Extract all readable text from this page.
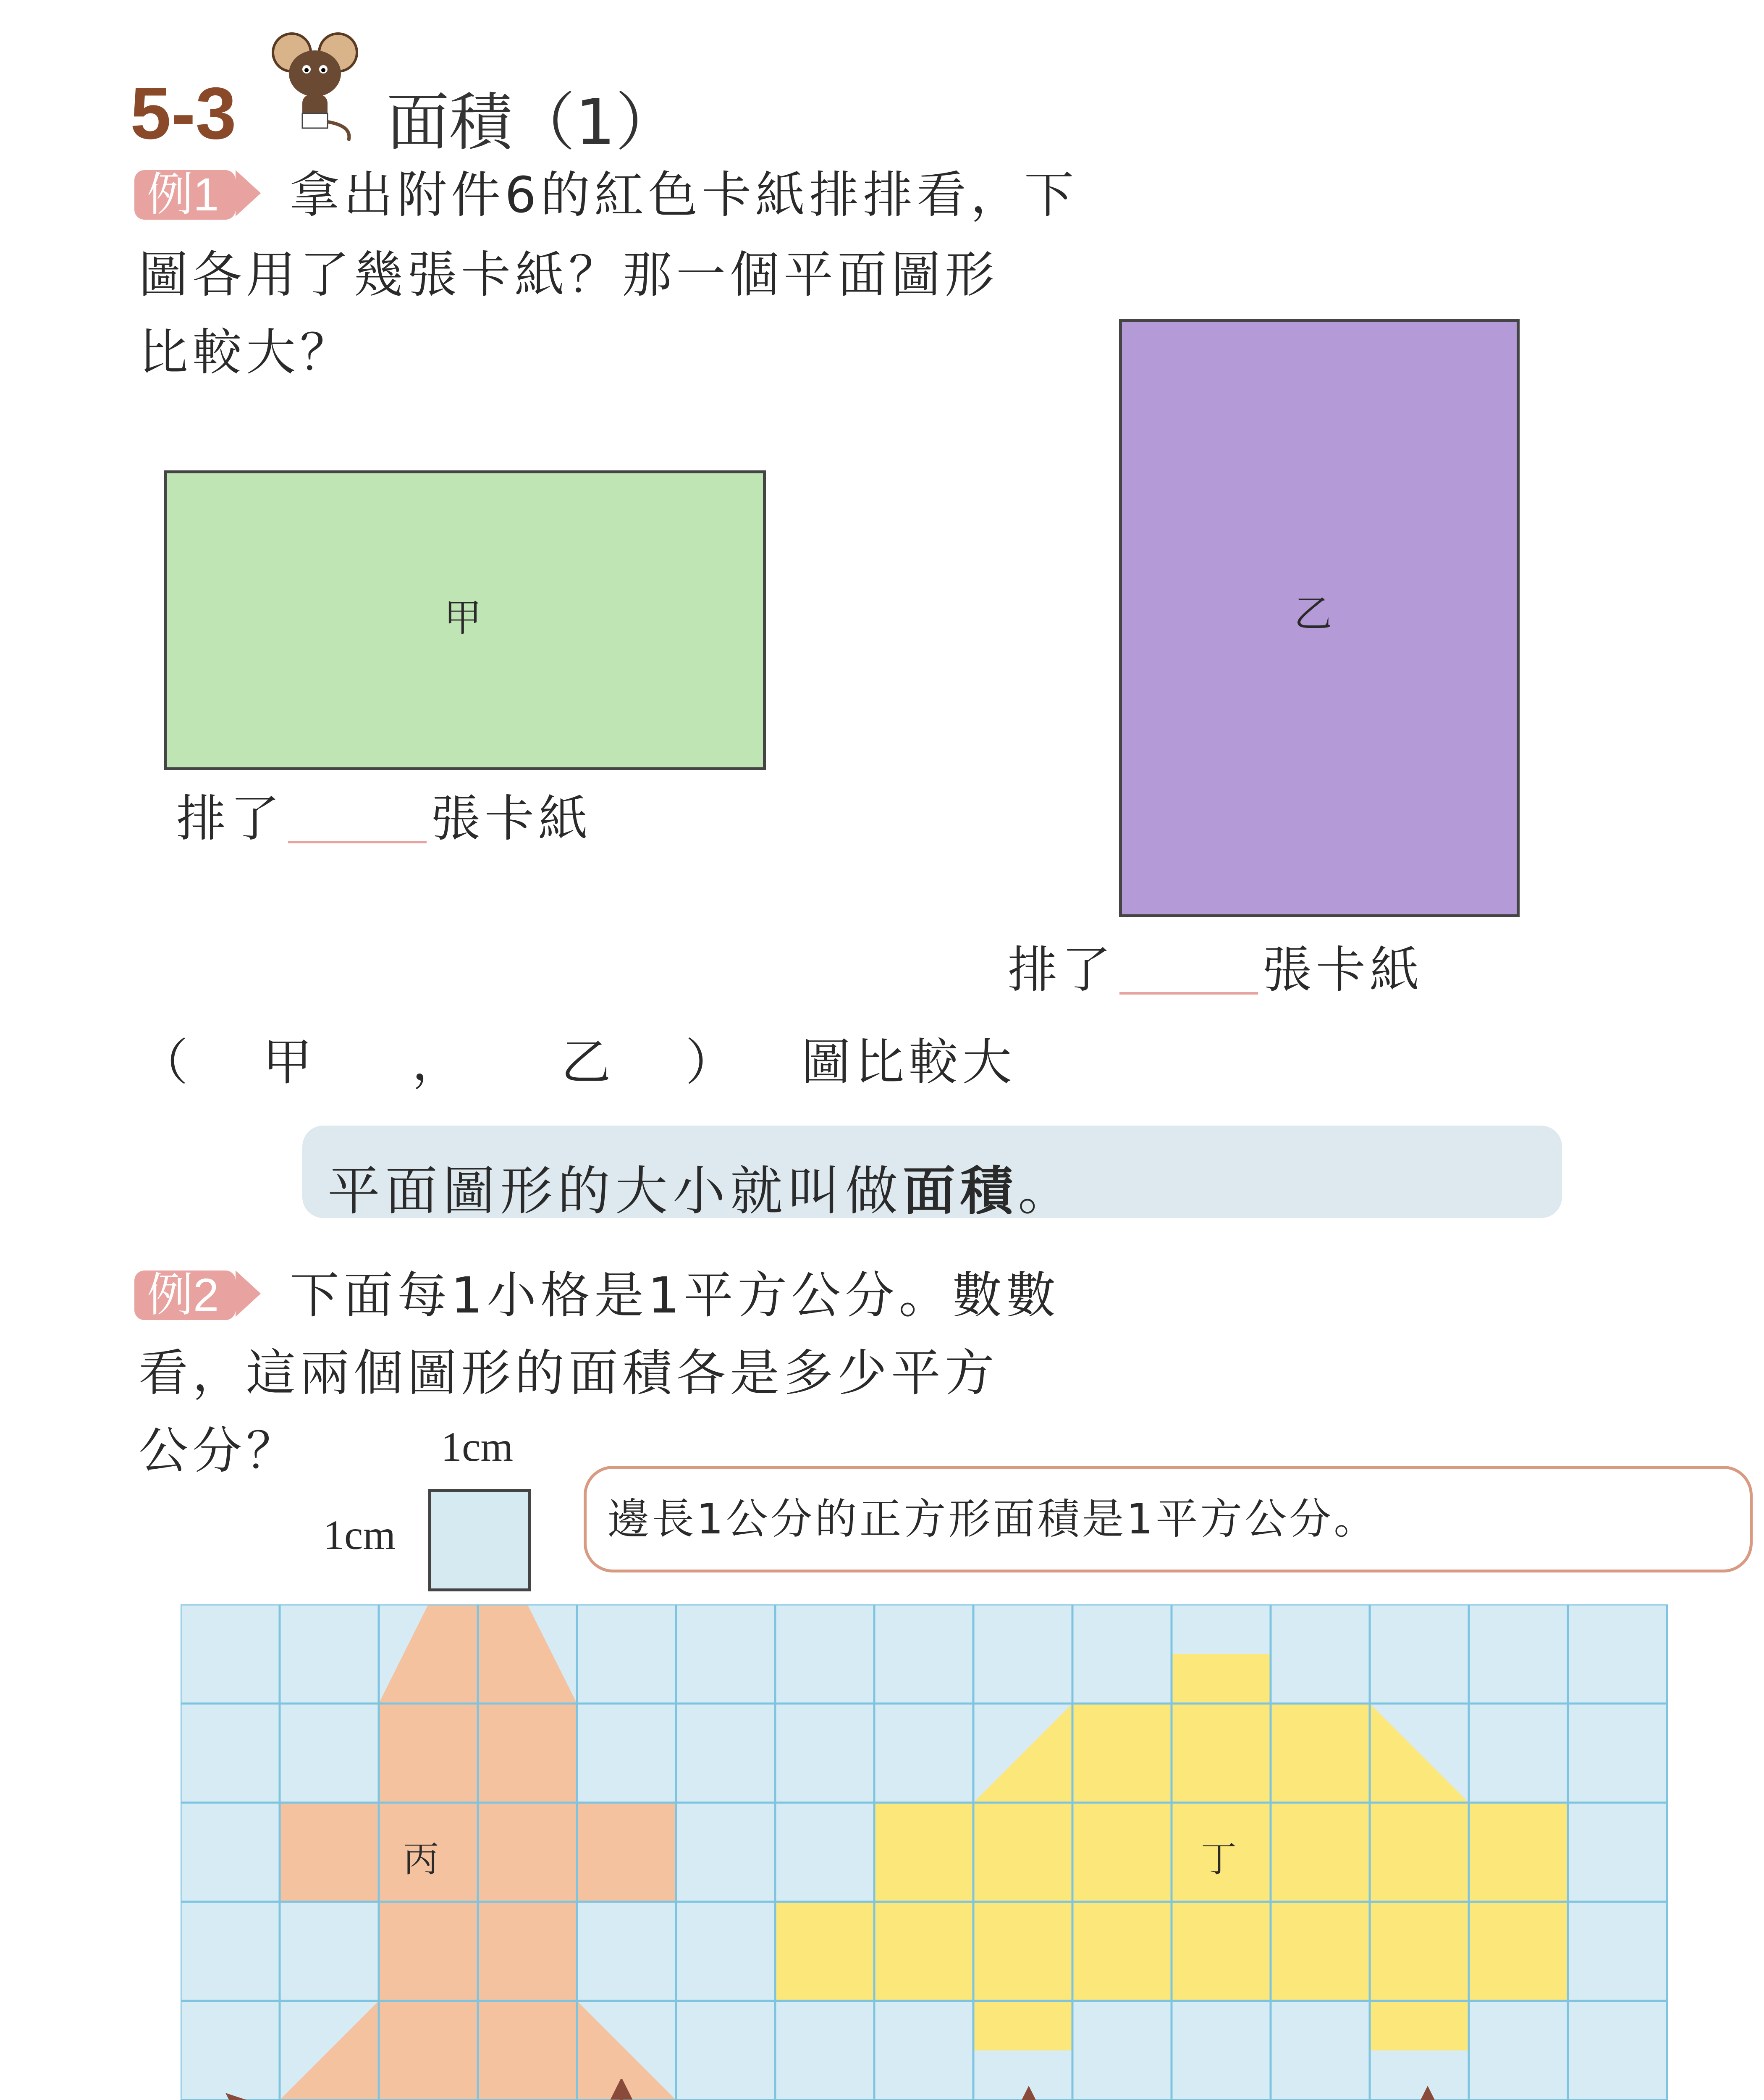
5-3 面積（1）
例1	拿出附件6的紅色卡紙排排看，下
圖各用了幾張卡紙？那一個平面圖形
比較大？
甲	乙
排了	張卡紙
排了	張卡紙
（ 甲 ， 乙 ） 圖比較大
平面圖形的大小就叫做面積。
例2	下面每1小格是1平方公分。數數
看，這兩個圖形的面積各是多少平方
公分？	1cm
1cm	邊長1公分的正方形面積是1平方公分。
丙	丁
